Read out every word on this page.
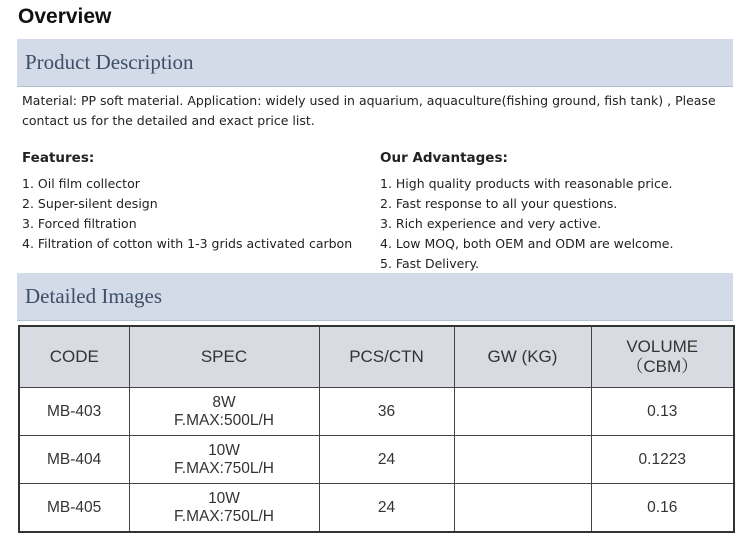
Overview
Product Description
Material: PP soft material. Application: widely used in aquarium, aquaculture(fishing ground, fish tank) , Please contact us for the detailed and exact price list.
Features:
1. Oil film collector
2. Super-silent design
3. Forced filtration
4. Filtration of cotton with 1-3 grids activated carbon
Our Advantages:
1. High quality products with reasonable price.
2. Fast response to all your questions.
3. Rich experience and very active.
4. Low MOQ, both OEM and ODM are welcome.
5. Fast Delivery.
Detailed Images
CODE	SPEC	PCS/CTN	GW (KG)	VOLUME
（CBM）

MB-403	8W
F.MAX:500L/H	36		0.13
MB-404	10W
F.MAX:750L/H	24		0.1223
MB-405	10W
F.MAX:750L/H	24		0.16
